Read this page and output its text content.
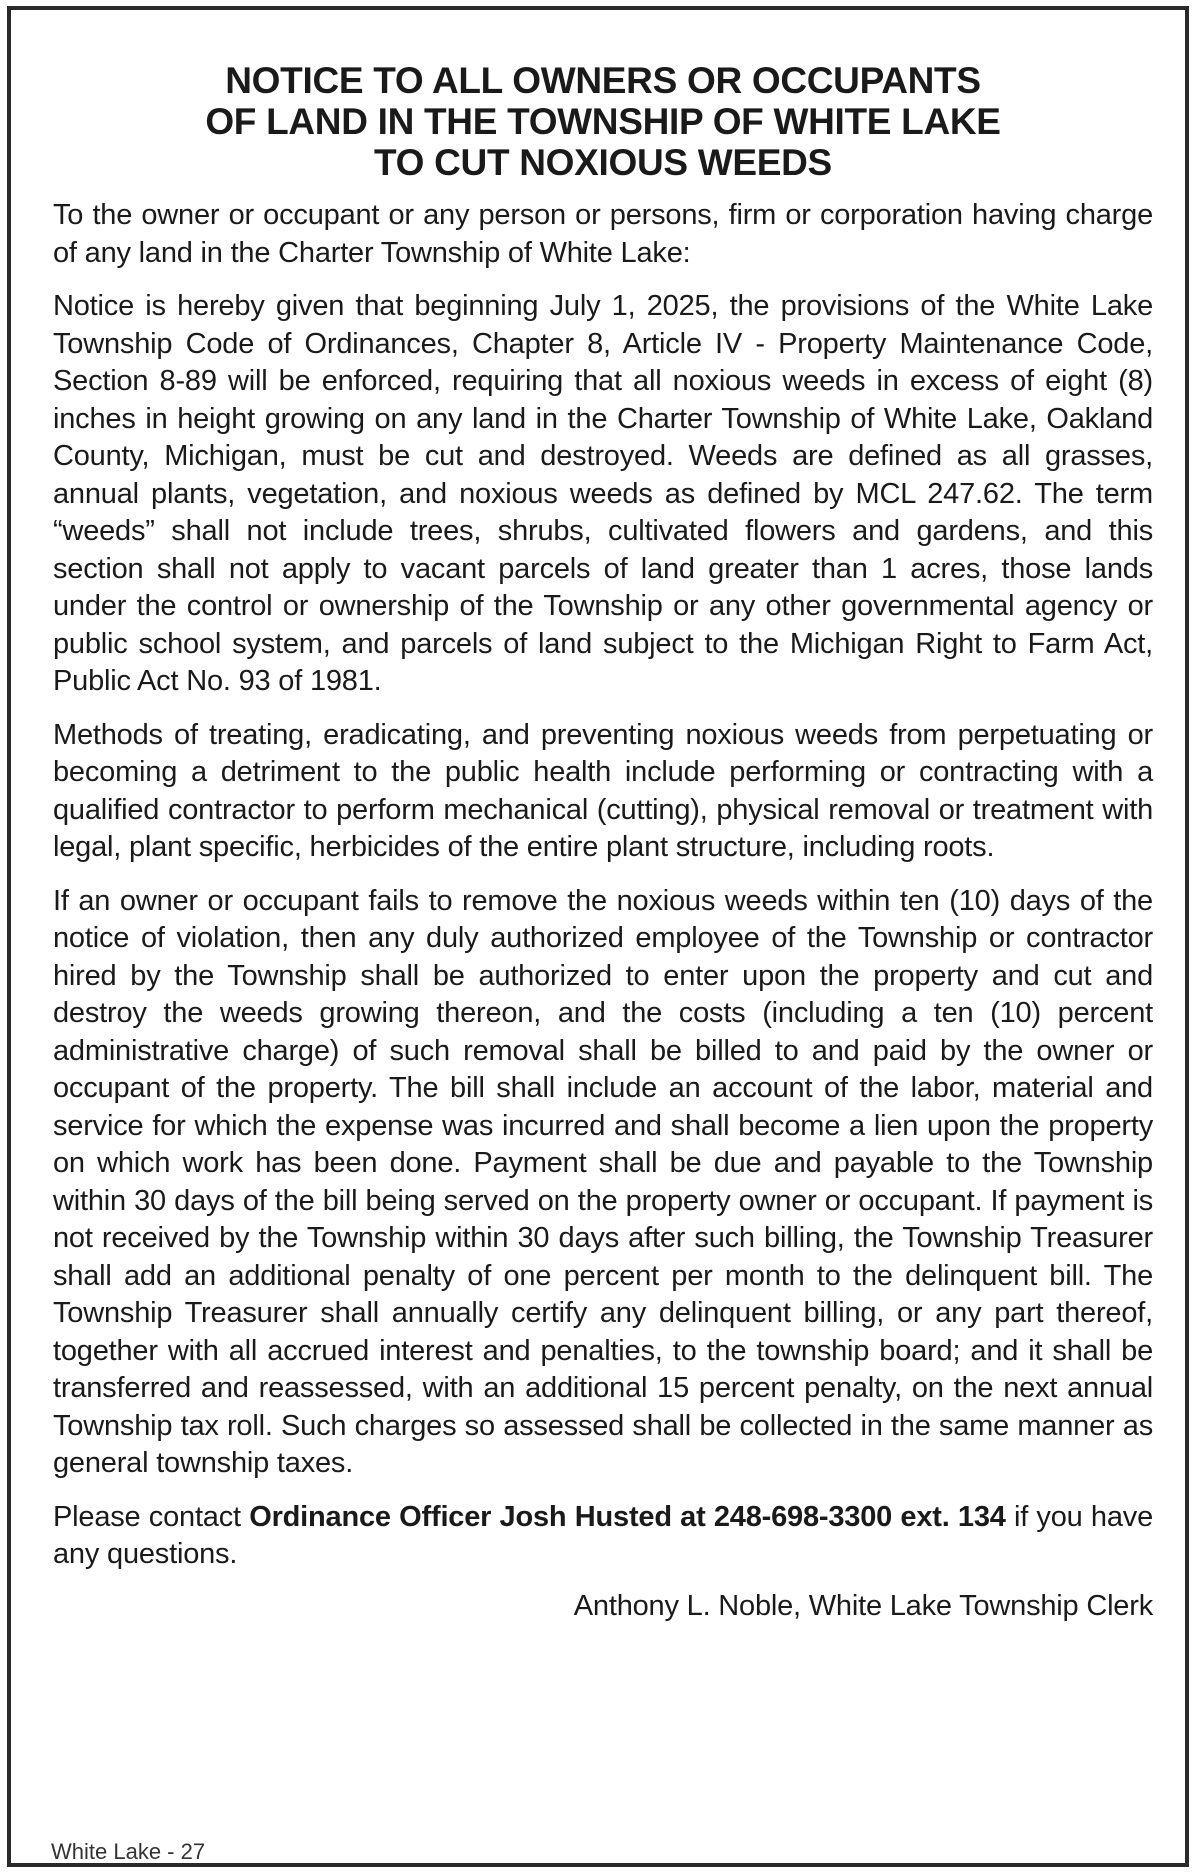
NOTICE TO ALL OWNERS OR OCCUPANTS
OF LAND IN THE TOWNSHIP OF WHITE LAKE
TO CUT NOXIOUS WEEDS

To the owner or occupant or any person or persons, firm or corporation having charge of any land in the Charter Township of White Lake:

Notice is hereby given that beginning July 1, 2025, the provisions of the White Lake Township Code of Ordinances, Chapter 8, Article IV - Property Maintenance Code, Section 8-89 will be enforced, requiring that all noxious weeds in excess of eight (8) inches in height growing on any land in the Charter Township of White Lake, Oakland County, Michigan, must be cut and destroyed. Weeds are defined as all grasses, annual plants, vegetation, and noxious weeds as defined by MCL 247.62. The term “weeds” shall not include trees, shrubs, cultivated flowers and gardens, and this section shall not apply to vacant parcels of land greater than 1 acres, those lands under the control or ownership of the Township or any other governmental agency or public school system, and parcels of land subject to the Michigan Right to Farm Act, Public Act No. 93 of 1981.

Methods of treating, eradicating, and preventing noxious weeds from perpetuating or becoming a detriment to the public health include performing or contracting with a qualified contractor to perform mechanical (cutting), physical removal or treatment with legal, plant specific, herbicides of the entire plant structure, including roots.

If an owner or occupant fails to remove the noxious weeds within ten (10) days of the notice of violation, then any duly authorized employee of the Township or contractor hired by the Township shall be authorized to enter upon the property and cut and destroy the weeds growing thereon, and the costs (including a ten (10) percent administrative charge) of such removal shall be billed to and paid by the owner or occupant of the property. The bill shall include an account of the labor, material and service for which the expense was incurred and shall become a lien upon the property on which work has been done. Payment shall be due and payable to the Township within 30 days of the bill being served on the property owner or occupant. If payment is not received by the Township within 30 days after such billing, the Township Treasurer shall add an additional penalty of one percent per month to the delinquent bill. The Township Treasurer shall annually certify any delinquent billing, or any part thereof, together with all accrued interest and penalties, to the township board; and it shall be transferred and reassessed, with an additional 15 percent penalty, on the next annual Township tax roll. Such charges so assessed shall be collected in the same manner as general township taxes.

Please contact Ordinance Officer Josh Husted at 248-698-3300 ext. 134 if you have any questions.

Anthony L. Noble, White Lake Township Clerk

White Lake - 27
